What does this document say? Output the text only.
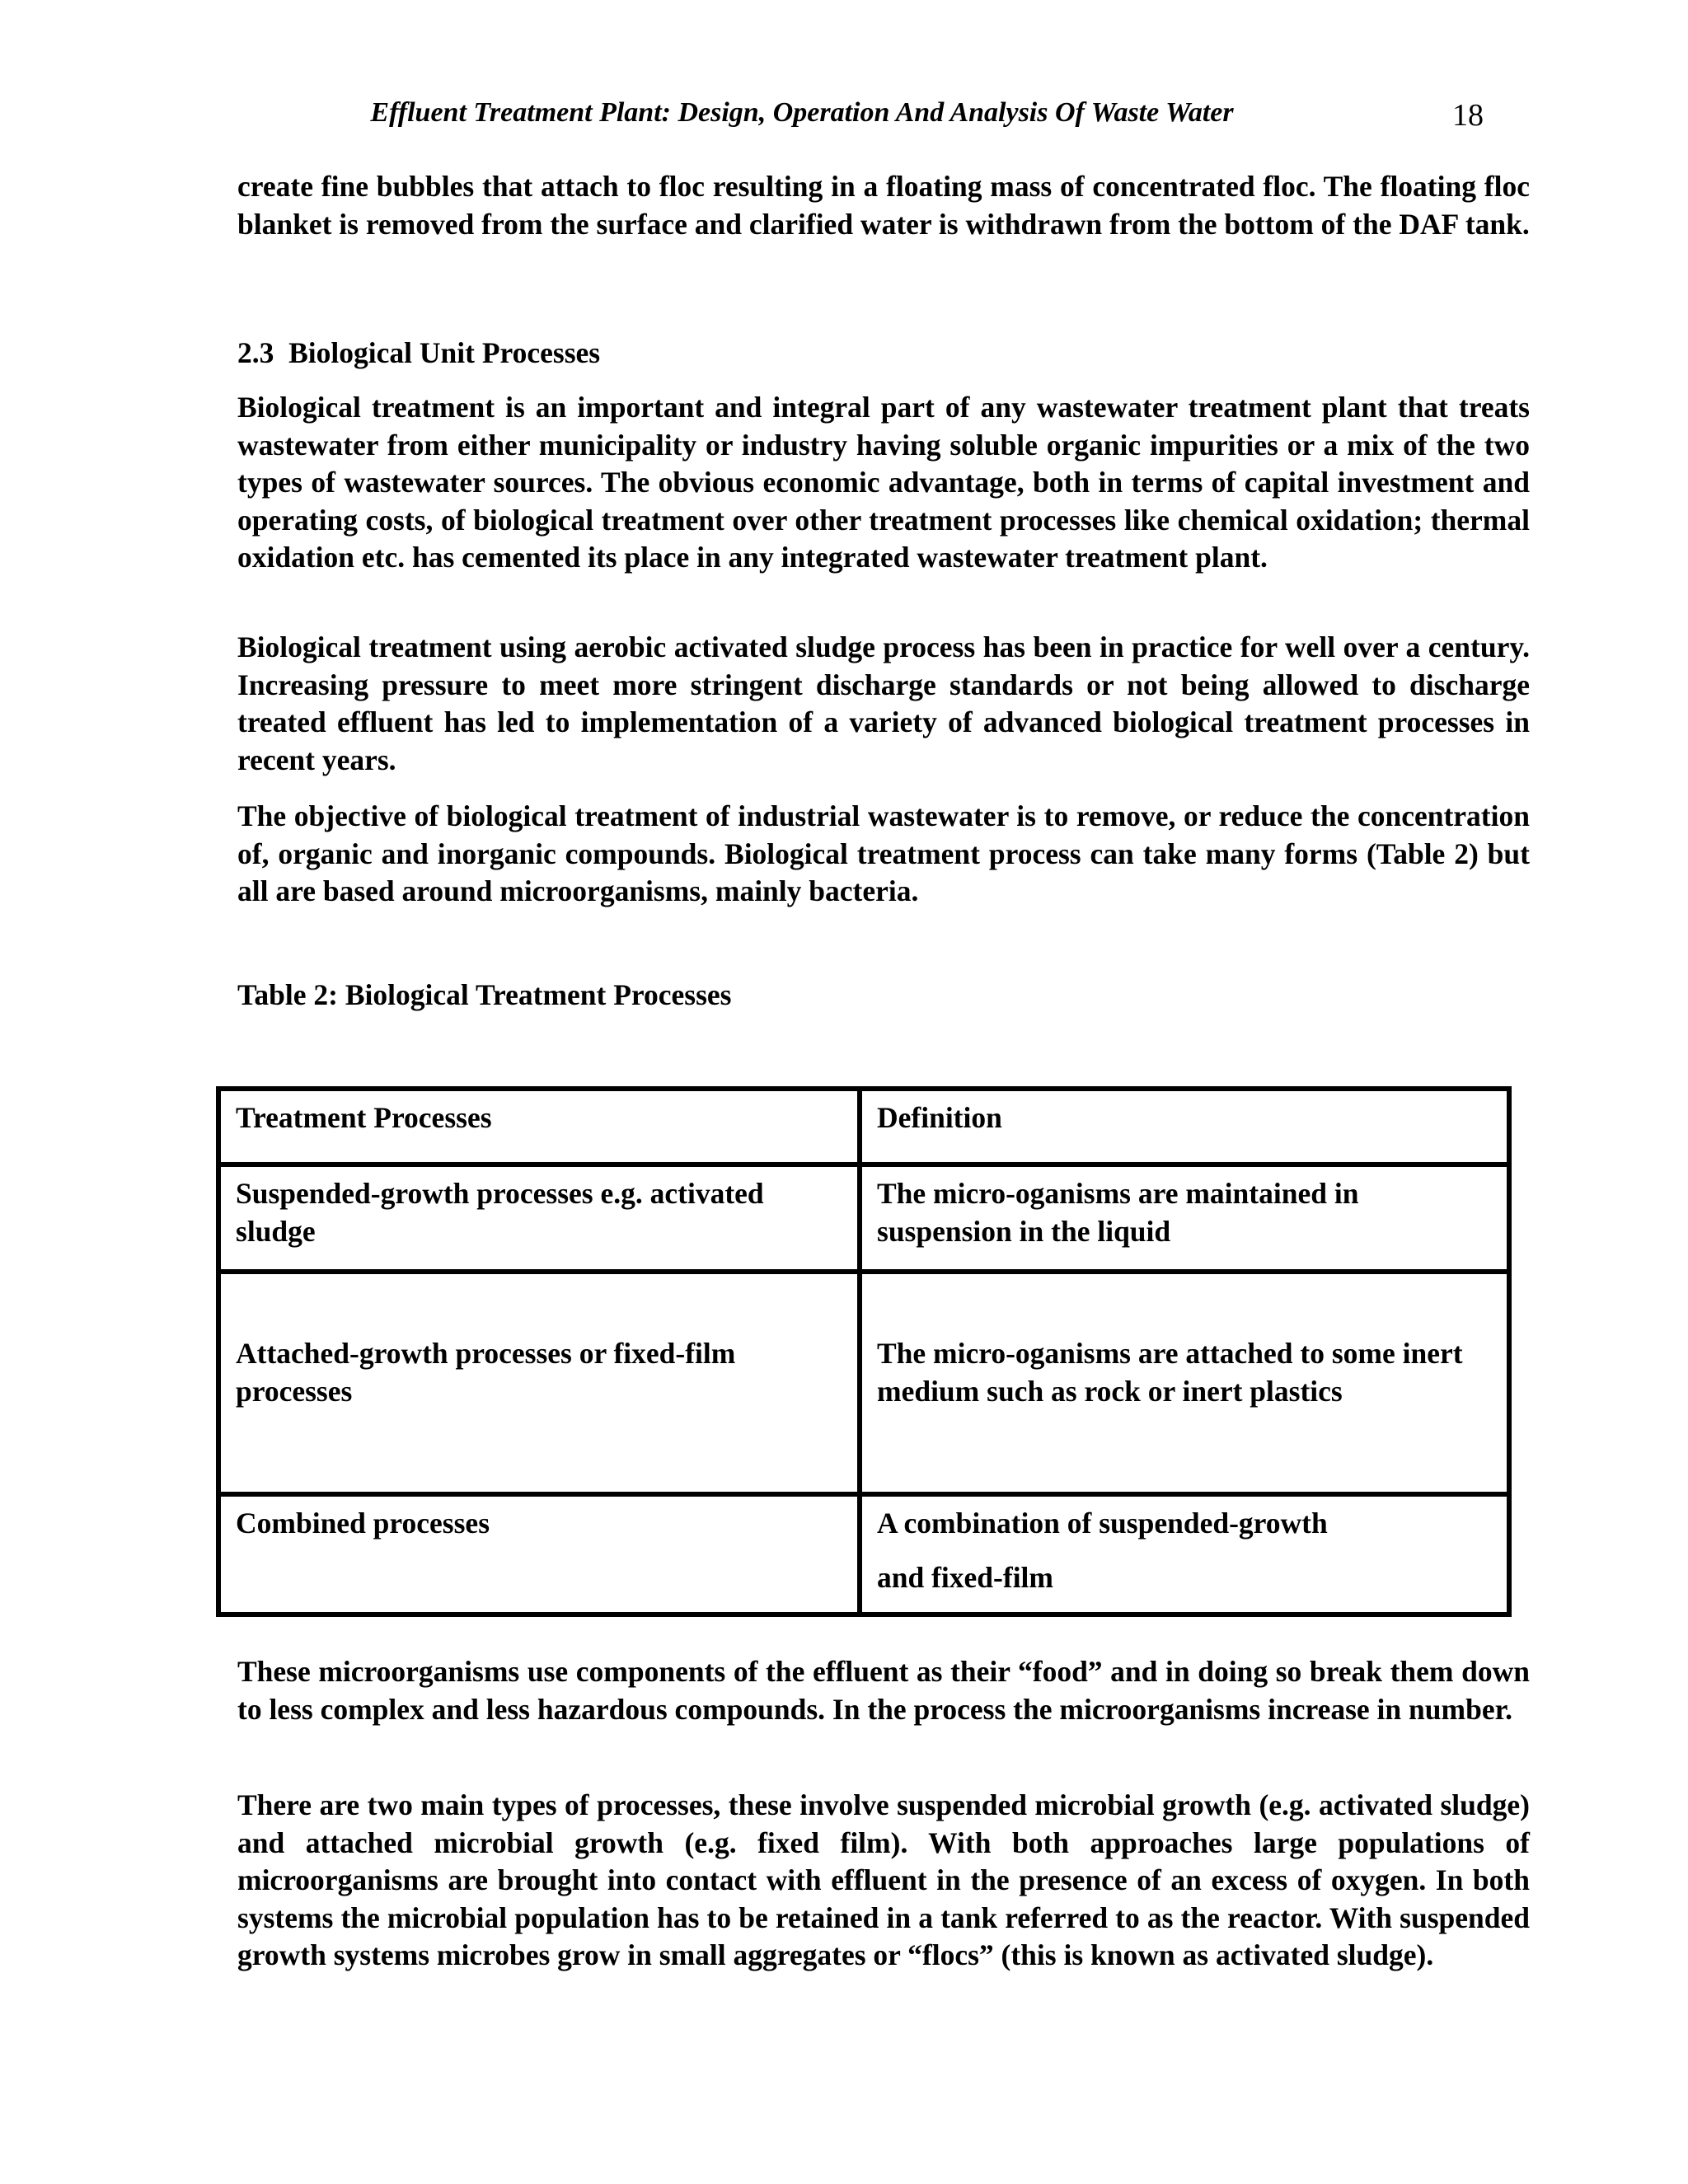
Effluent Treatment Plant: Design, Operation And Analysis Of Waste Water	18

create fine bubbles that attach to floc resulting in a floating mass of concentrated floc. The floating floc blanket is removed from the surface and clarified water is withdrawn from the bottom of the DAF tank.

2.3  Biological Unit Processes

Biological treatment is an important and integral part of any wastewater treatment plant that treats wastewater from either municipality or industry having soluble organic impurities or a mix of the two types of wastewater sources. The obvious economic advantage, both in terms of capital investment and operating costs, of biological treatment over other treatment processes like chemical oxidation; thermal oxidation etc. has cemented its place in any integrated wastewater treatment plant.

Biological treatment using aerobic activated sludge process has been in practice for well over a century. Increasing pressure to meet more stringent discharge standards or not being allowed to discharge treated effluent has led to implementation of a variety of advanced biological treatment processes in recent years.

The objective of biological treatment of industrial wastewater is to remove, or reduce the concentration of, organic and inorganic compounds. Biological treatment process can take many forms (Table 2) but all are based around microorganisms, mainly bacteria.

Table 2: Biological Treatment Processes

Treatment Processes	Definition
Suspended-growth processes e.g. activated sludge	The micro-oganisms are maintained in suspension in the liquid

Attached-growth processes or fixed-film processes	The micro-oganisms are attached to some inert
medium such as rock or inert plastics

Combined processes	A combination of suspended-growth
and fixed-film

These microorganisms use components of the effluent as their “food” and in doing so break them down to less complex and less hazardous compounds. In the process the microorganisms increase in number.

There are two main types of processes, these involve suspended microbial growth (e.g. activated sludge) and attached microbial growth (e.g. fixed film). With both approaches large populations of microorganisms are brought into contact with effluent in the presence of an excess of oxygen. In both systems the microbial population has to be retained in a tank referred to as the reactor. With suspended growth systems microbes grow in small aggregates or “flocs” (this is known as activated sludge).
